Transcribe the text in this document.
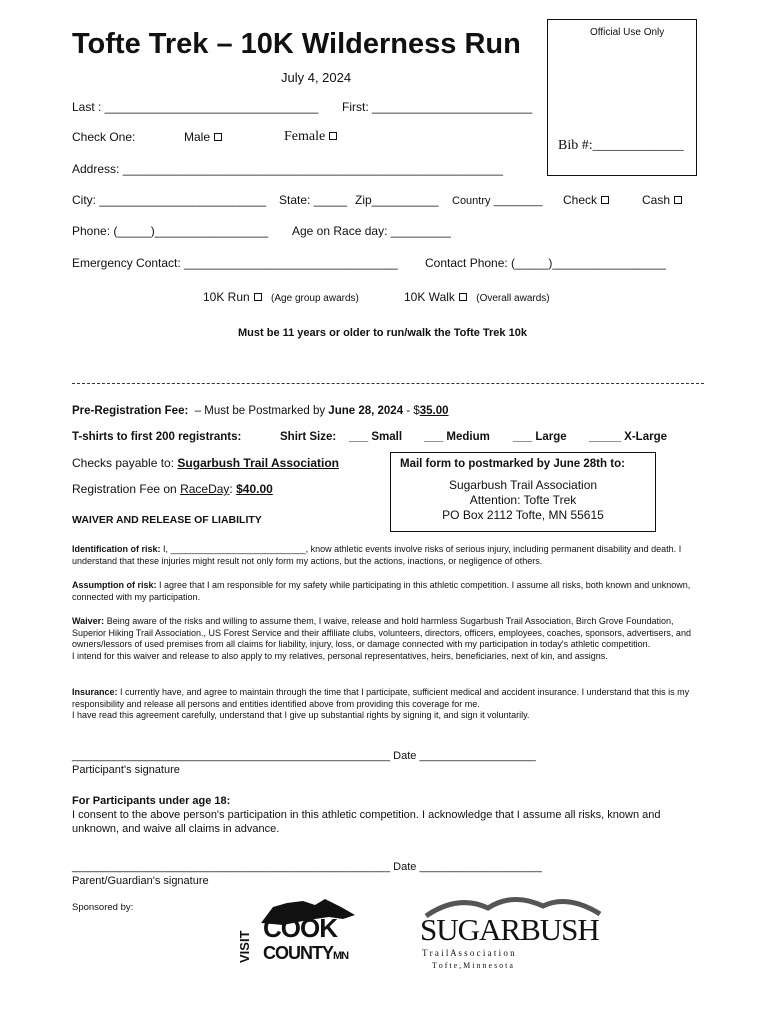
Tofte Trek – 10K Wilderness Run
July 4, 2024
Official Use Only
Bib #:_____________
Last : ________________________________ First: ________________________
Check One:	Male	Female
Address: _________________________________________________________
City: _________________________ State: _____ Zip__________ Country ________ Check	Cash
Phone: (_____)_________________ Age on Race day: _________
Emergency Contact: ________________________________ Contact Phone: (_____)_________________
10K Run (Age group awards)	10K Walk (Overall awards)
Must be 11 years or older to run/walk the Tofte Trek 10k
Pre-Registration Fee: – Must be Postmarked by June 28, 2024 - $35.00
T-shirts to first 200 registrants:	Shirt Size: ___ Small ___ Medium ___ Large _____ X-Large
Checks payable to: Sugarbush Trail Association
Registration Fee on RaceDay: $40.00
Mail form to postmarked by June 28th to:
Sugarbush Trail Association
Attention: Tofte Trek
PO Box 2112 Tofte, MN 55615
WAIVER AND RELEASE OF LIABILITY
Identification of risk: I, ___________________________, know athletic events involve risks of serious injury, including permanent disability and death. I understand that these injuries might result not only form my actions, but the actions, inactions, or negligence of others.
Assumption of risk: I agree that I am responsible for my safety while participating in this athletic competition. I assume all risks, both known and unknown, connected with my participation.
Waiver: Being aware of the risks and willing to assume them, I waive, release and hold harmless Sugarbush Trail Association, Birch Grove Foundation, Superior Hiking Trail Association., US Forest Service and their affiliate clubs, volunteers, directors, officers, employees, coaches, sponsors, advertisers, and owners/lessors of used premises from all claims for liability, injury, loss, or damage connected with my participation in today's athletic competition.
I intend for this waiver and release to also apply to my relatives, personal representatives, heirs, beneficiaries, next of kin, and assigns.
Insurance: I currently have, and agree to maintain through the time that I participate, sufficient medical and accident insurance. I understand that this is my responsibility and release all persons and entities identified above from providing this coverage for me.
I have read this agreement carefully, understand that I give up substantial rights by signing it, and sign it voluntarily.
____________________________________________________ Date ___________________
Participant's signature
For Participants under age 18:
I consent to the above person's participation in this athletic competition. I acknowledge that I assume all risks, known and unknown, and waive all claims in advance.
____________________________________________________ Date ____________________
Parent/Guardian's signature
Sponsored by:
VISIT
COOK
COUNTYMN
SUGARBUSH
T r a i l A s s o c i a t i o n
T o f t e , M i n n e s o t a
